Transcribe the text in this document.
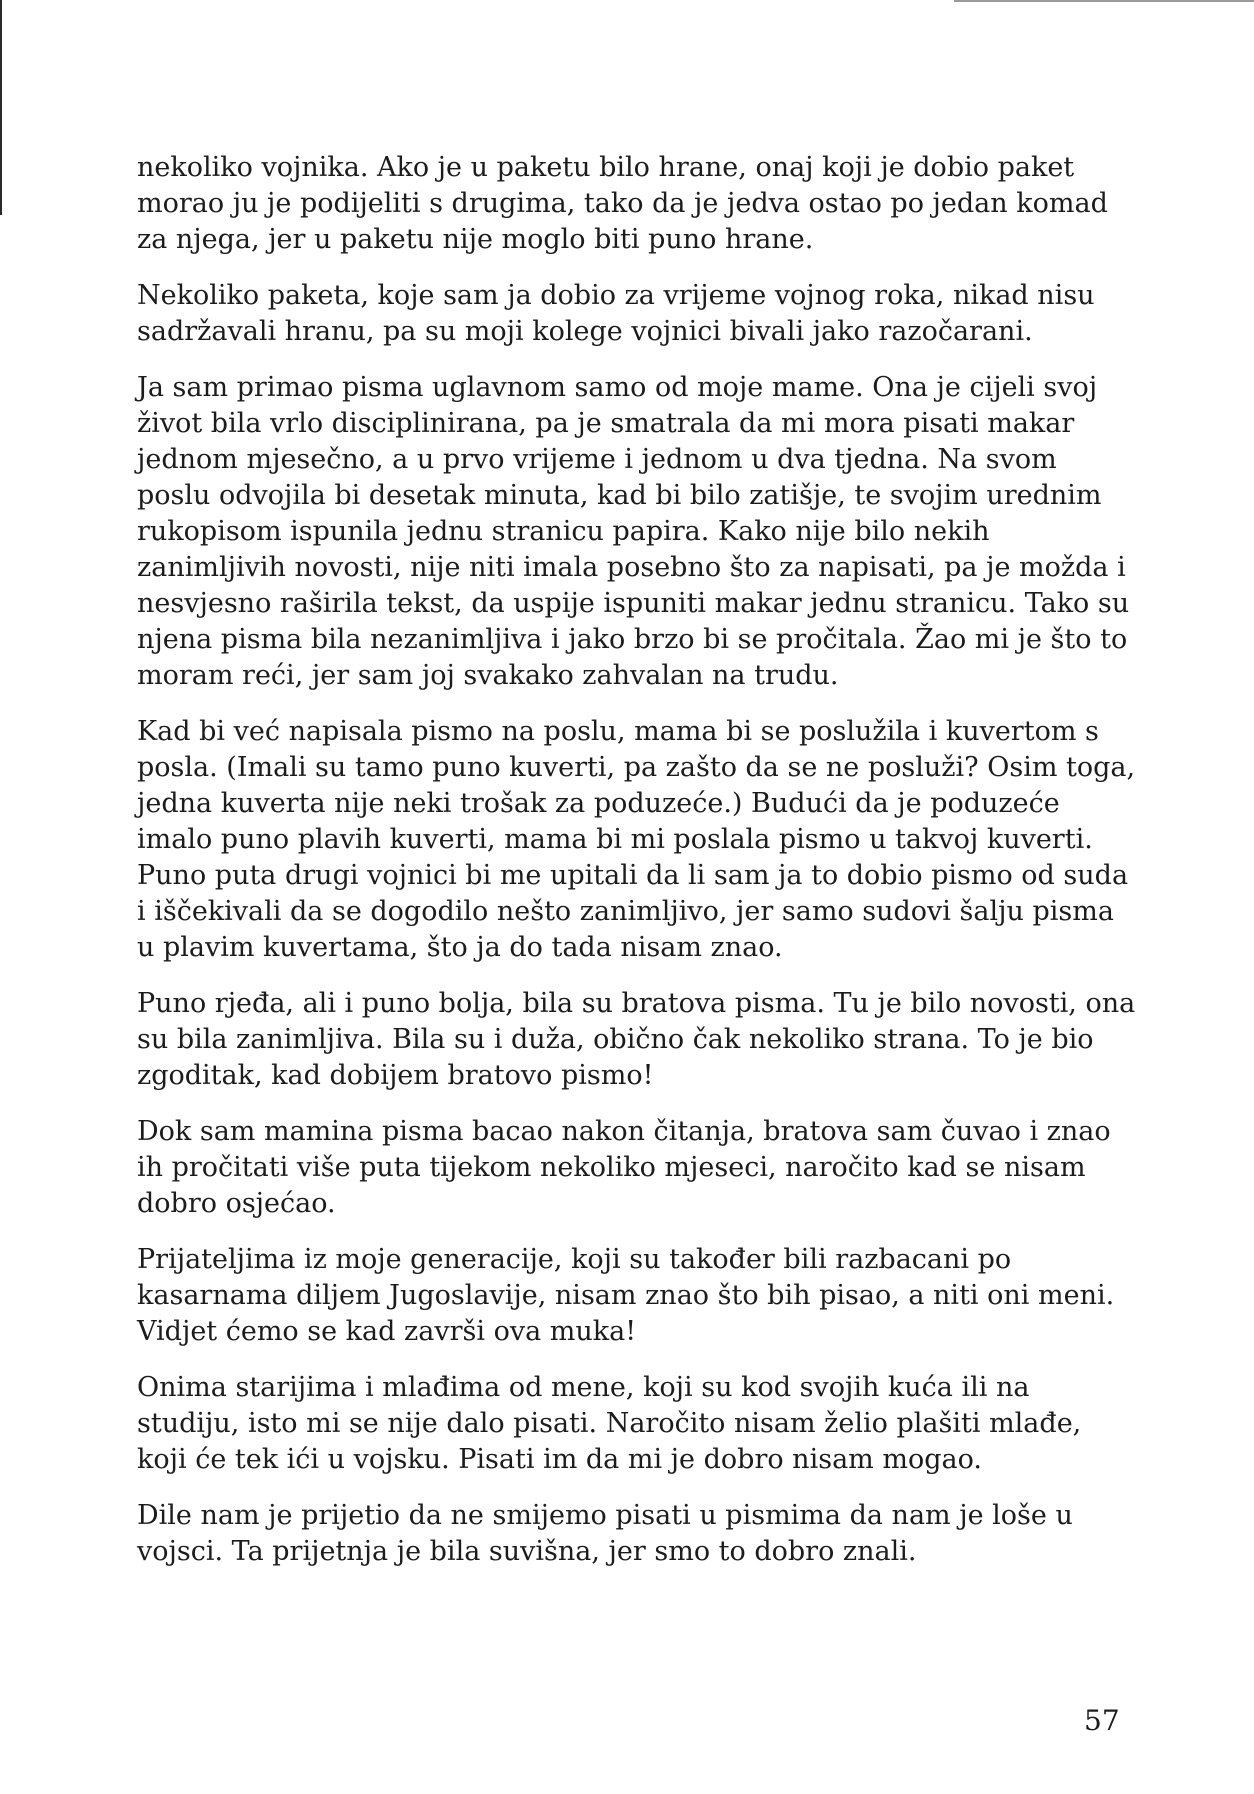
nekoliko vojnika. Ako je u paketu bilo hrane, onaj koji je dobio paket morao ju je podijeliti s drugima, tako da je jedva ostao po jedan komad za njega, jer u paketu nije moglo biti puno hrane.

Nekoliko paketa, koje sam ja dobio za vrijeme vojnog roka, nikad nisu sadržavali hranu, pa su moji kolege vojnici bivali jako razočarani.

Ja sam primao pisma uglavnom samo od moje mame. Ona je cijeli svoj život bila vrlo disciplinirana, pa je smatrala da mi mora pisati makar jednom mjesečno, a u prvo vrijeme i jednom u dva tjedna. Na svom poslu odvojila bi desetak minuta, kad bi bilo zatišje, te svojim urednim rukopisom ispunila jednu stranicu papira. Kako nije bilo nekih zanimljivih novosti, nije niti imala posebno što za napisati, pa je možda i nesvjesno raširila tekst, da uspije ispuniti makar jednu stranicu. Tako su njena pisma bila nezanimljiva i jako brzo bi se pročitala. Žao mi je što to moram reći, jer sam joj svakako zahvalan na trudu.

Kad bi već napisala pismo na poslu, mama bi se poslužila i kuvertom s posla. (Imali su tamo puno kuverti, pa zašto da se ne posluži? Osim toga, jedna kuverta nije neki trošak za poduzeće.) Budući da je poduzeće imalo puno plavih kuverti, mama bi mi poslala pismo u takvoj kuverti. Puno puta drugi vojnici bi me upitali da li sam ja to dobio pismo od suda i iščekivali da se dogodilo nešto zanimljivo, jer samo sudovi šalju pisma u plavim kuvertama, što ja do tada nisam znao.

Puno rjeđa, ali i puno bolja, bila su bratova pisma. Tu je bilo novosti, ona su bila zanimljiva. Bila su i duža, obično čak nekoliko strana. To je bio zgoditak, kad dobijem bratovo pismo!

Dok sam mamina pisma bacao nakon čitanja, bratova sam čuvao i znao ih pročitati više puta tijekom nekoliko mjeseci, naročito kad se nisam dobro osjećao.

Prijateljima iz moje generacije, koji su također bili razbacani po kasarnama diljem Jugoslavije, nisam znao što bih pisao, a niti oni meni. Vidjet ćemo se kad završi ova muka!

Onima starijima i mlađima od mene, koji su kod svojih kuća ili na studiju, isto mi se nije dalo pisati. Naročito nisam želio plašiti mlađe, koji će tek ići u vojsku. Pisati im da mi je dobro nisam mogao.

Dile nam je prijetio da ne smijemo pisati u pismima da nam je loše u vojsci. Ta prijetnja je bila suvišna, jer smo to dobro znali.

57
